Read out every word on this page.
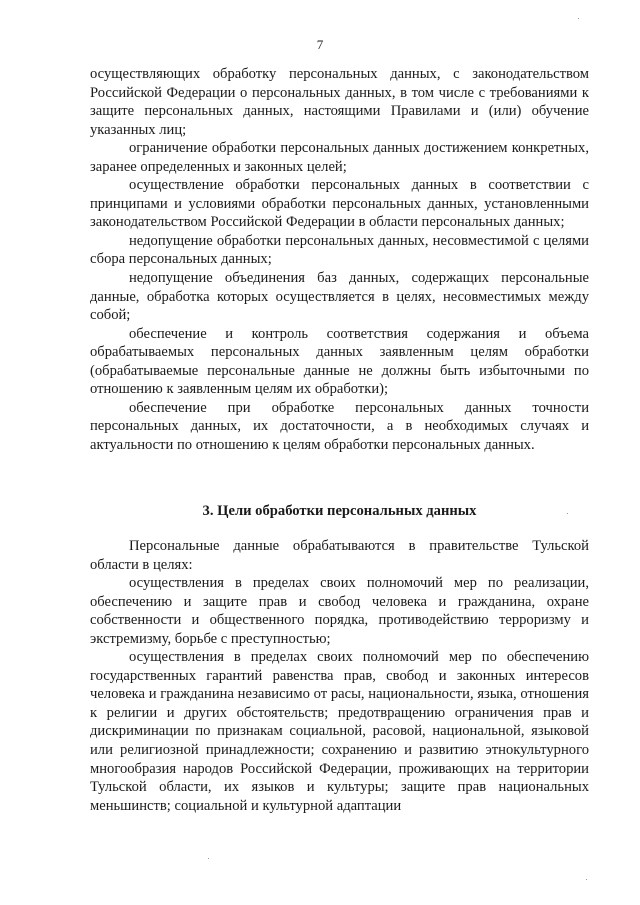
7

осуществляющих обработку персональных данных, с законодательством Российской Федерации о персональных данных, в том числе с требованиями к защите персональных данных, настоящими Правилами и (или) обучение указанных лиц;

ограничение обработки персональных данных достижением конкретных, заранее определенных и законных целей;

осуществление обработки персональных данных в соответствии с принципами и условиями обработки персональных данных, установленными законодательством Российской Федерации в области персональных данных;

недопущение обработки персональных данных, несовместимой с целями сбора персональных данных;

недопущение объединения баз данных, содержащих персональные данные, обработка которых осуществляется в целях, несовместимых между собой;

обеспечение и контроль соответствия содержания и объема обрабатываемых персональных данных заявленным целям обработки (обрабатываемые персональные данные не должны быть избыточными по отношению к заявленным целям их обработки);

обеспечение при обработке персональных данных точности персональных данных, их достаточности, а в необходимых случаях и актуальности по отношению к целям обработки персональных данных.

3. Цели обработки персональных данных

Персональные данные обрабатываются в правительстве Тульской области в целях:

осуществления в пределах своих полномочий мер по реализации, обеспечению и защите прав и свобод человека и гражданина, охране собственности и общественного порядка, противодействию терроризму и экстремизму, борьбе с преступностью;

осуществления в пределах своих полномочий мер по обеспечению государственных гарантий равенства прав, свобод и законных интересов человека и гражданина независимо от расы, национальности, языка, отношения к религии и других обстоятельств; предотвращению ограничения прав и дискриминации по признакам социальной, расовой, национальной, языковой или религиозной принадлежности; сохранению и развитию этнокультурного многообразия народов Российской Федерации, проживающих на территории Тульской области, их языков и культуры; защите прав национальных меньшинств; социальной и культурной адаптации
